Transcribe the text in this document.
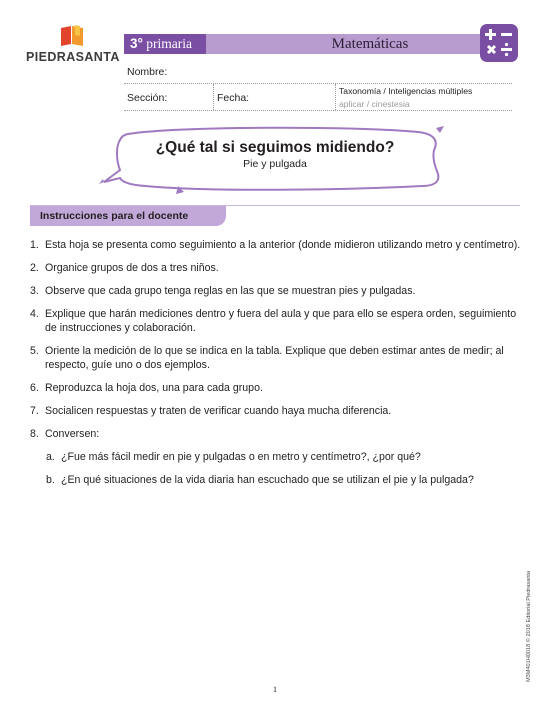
PIEDRASANTA
3° primaria	Matemáticas
Nombre:
Sección:	Fecha:
Taxonomía / Inteligencias múltiples
aplicar / cinestesia
¿Qué tal si seguimos midiendo?
Pie y pulgada
Instrucciones para el docente
1. Esta hoja se presenta como seguimiento a la anterior (donde midieron utilizando metro y centímetro).
2. Organice grupos de dos a tres niños.
3. Observe que cada grupo tenga reglas en las que se muestran pies y pulgadas.
4. Explique que harán mediciones dentro y fuera del aula y que para ello se espera orden, seguimiento de instrucciones y colaboración.
5. Oriente la medición de lo que se indica en la tabla. Explique que deben estimar antes de medir; al respecto, guíe uno o dos ejemplos.
6. Reproduzca la hoja dos, una para cada grupo.
7. Socialicen respuestas y traten de verificar cuando haya mucha diferencia.
8. Conversen:
a. ¿Fue más fácil medir en pie y pulgadas o en metro y centímetro?, ¿por qué?
b. ¿En qué situaciones de la vida diaria han escuchado que se utilizan el pie y la pulgada?
M3M401H0018 © 2018 Editorial Piedrasanta
1
